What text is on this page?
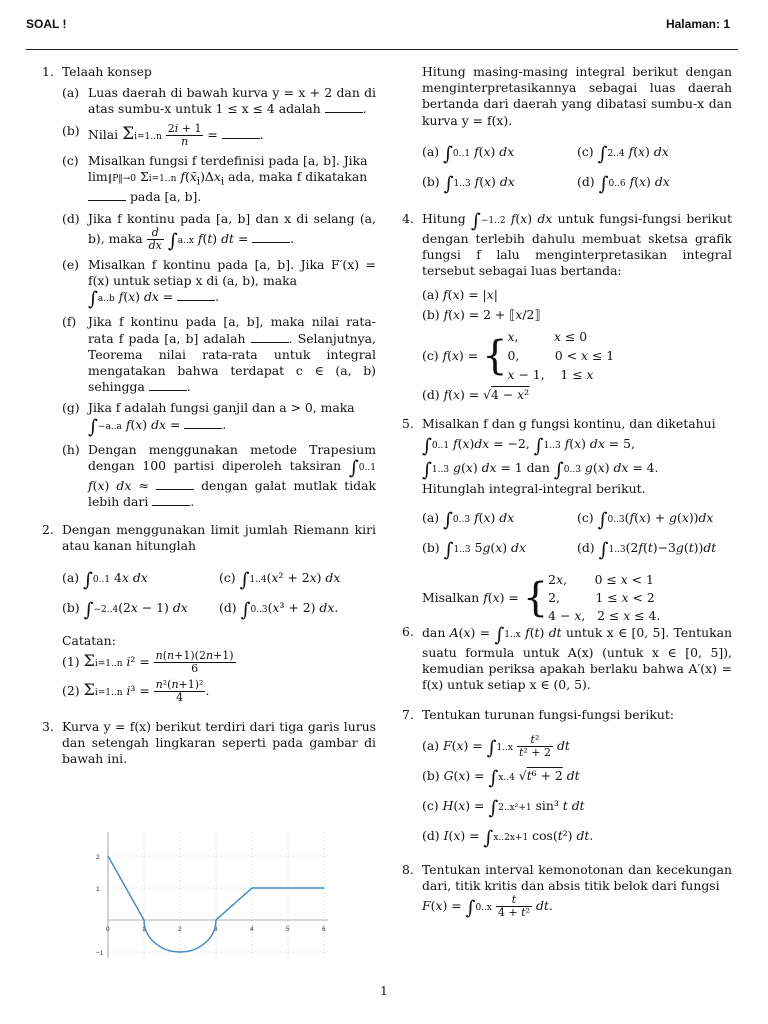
SOAL !	Halaman: 1
1. Telaah konsep
(a) Luas daerah di bawah kurva y = x + 2 dan di atas sumbu-x untuk 1 ≤ x ≤ 4 adalah	.
(b) Nilai $\Sigma i=1..n \frac{2i + 1}{n}$ =	.
(c) Misalkan fungsi f terdefinisi pada [a, b]. Jika
lim‖P‖→0 Σi=1..n $f(x̄_i)\Delta x_i$ ada, maka f dikatakan
pada [a, b].
(d) Jika f kontinu pada [a, b] dan x di selang (a, b), maka $\frac{d}{dx} \int a..x$ f(t) dt =	.
(e) Misalkan f kontinu pada [a, b]. Jika F′(x) = f(x) untuk setiap x di (a, b), maka
∫a..b f(x) dx =	.
(f) Jika f kontinu pada [a, b], maka nilai rata-rata f pada [a, b] adalah	. Selanjutnya, Teorema nilai rata-rata untuk integral mengatakan bahwa terdapat c ∈ (a, b) sehingga	.
(g) Jika f adalah fungsi ganjil dan a > 0, maka
∫−a..a f(x) dx =	.
(h) Dengan menggunakan metode Trapesium dengan 100 partisi diperoleh taksiran ∫0..1 f(x) dx ≈	dengan galat mutlak tidak lebih dari	.
2. Dengan menggunakan limit jumlah Riemann kiri atau kanan hitunglah
(a) ∫0..1 4x dx	(c) ∫1..4(x² + 2x) dx
(b) ∫−2..4(2x − 1) dx	(d) ∫0..3(x³ + 2) dx.
Catatan:
(1) Σi=1..n $i^2 = \frac{n(n+1)(2n+1)}{6}$
(2) Σi=1..n $i^3 = \frac{\text{n²(n+1)²}}{4}$ .
3. Kurva y = f(x) berikut terdiri dari tiga garis lurus dan setengah lingkaran seperti pada gambar di bawah ini.
0	1	2	3	4	5	6
2
1
−1
Hitung masing-masing integral berikut dengan menginterpretasikannya sebagai luas daerah bertanda dari daerah yang dibatasi sumbu-x dan kurva y = f(x).
(a) ∫0..1 f(x) dx	(c) ∫2..4 f(x) dx
(b) ∫1..3 f(x) dx	(d) ∫0..6 f(x) dx
4. Hitung ∫−1..2 f(x) dx untuk fungsi-fungsi berikut dengan terlebih dahulu membuat sketsa grafik fungsi f lalu menginterpretasikan integral tersebut sebagai luas bertanda:
(a) f(x) = |x|
(b) f(x) = 2 + ⟦x/2⟧
(c)
f ( x ) = { x,         x ≤ 0
0,         0 < x ≤ 1
x − 1,    1 ≤ x
(d) f(x) = √4 − x²
5. Misalkan f dan g fungsi kontinu, dan diketahui
∫0..1 f(x)dx = −2, ∫1..3 f(x) dx = 5,
∫1..3 g(x) dx = 1 dan ∫0..3 g(x) dx = 4.
Hitunglah integral-integral berikut.
(a) ∫0..3 f(x) dx	(c) ∫0..3(f(x) + g(x))dx
(b) ∫1..3 5g(x) dx	(d) ∫1..3(2f(t)−3g(t))dt
6.
Misalkan
f ( x ) = { 2x,       0 ≤ x < 1
2,         1 ≤ x < 2
4 − x,   2 ≤ x ≤ 4.
dan A(x) = ∫1..x f(t) dt untuk x ∈ [0, 5]. Tentukan suatu formula untuk A(x) (untuk x ∈ [0, 5]), kemudian periksa apakah berlaku bahwa A′(x) = f(x) untuk setiap x ∈ (0, 5).
7. Tentukan turunan fungsi-fungsi berikut:
(a) $F(x) = \int 1..x \frac{\text{t²}}{\text{t² + 2}}$ dt
(b) G(x) = ∫x..4 √t⁶ + 2 dt
(c) H(x) = ∫2..x²+1 sin³ t dt
(d) I(x) = ∫x..2x+1 cos(t²) dt.
8. Tentukan interval kemonotonan dan kecekungan dari, titik kritis dan absis titik belok dari fungsi
$F(x) = \int 0..x \frac{t}{\text{4 + t²}}$ dt.
1
